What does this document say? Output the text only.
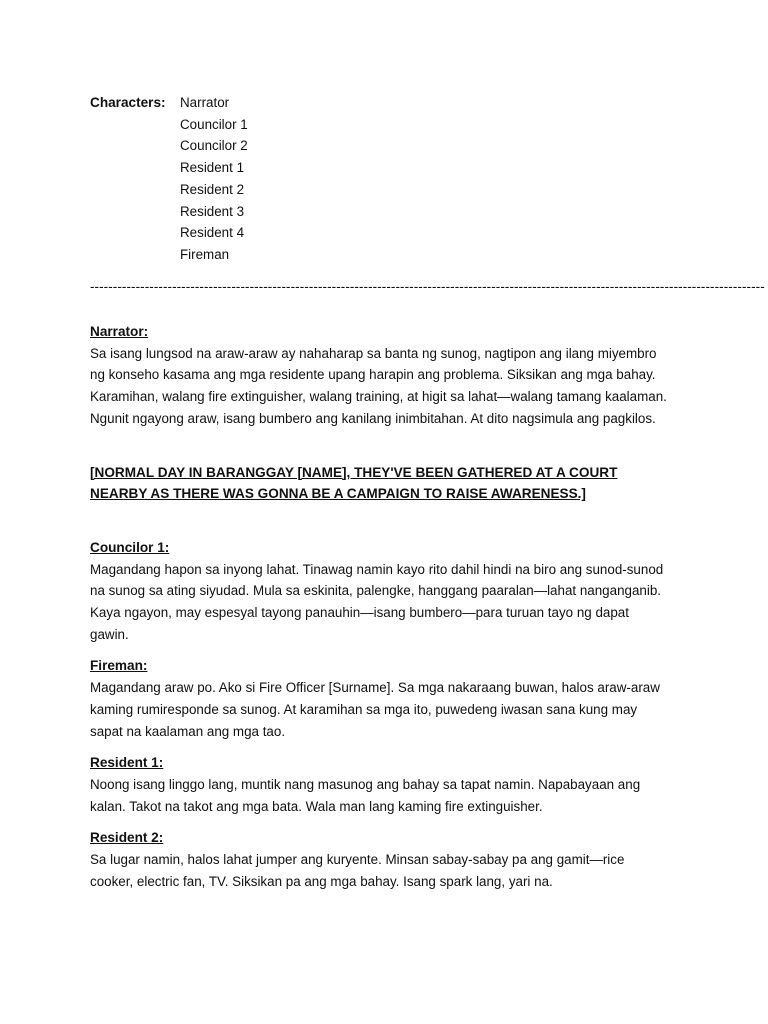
Characters: Narrator
Councilor 1
Councilor 2
Resident 1
Resident 2
Resident 3
Resident 4
Fireman
----------------------------------------------------------------------------------------------------------------------------------------------------

Narrator:

Sa isang lungsod na araw-araw ay nahaharap sa banta ng sunog, nagtipon ang ilang miyembro ng konseho kasama ang mga residente upang harapin ang problema. Siksikan ang mga bahay. Karamihan, walang fire extinguisher, walang training, at higit sa lahat—walang tamang kaalaman. Ngunit ngayong araw, isang bumbero ang kanilang inimbitahan. At dito nagsimula ang pagkilos.

[NORMAL DAY IN BARANGGAY [NAME], THEY'VE BEEN GATHERED AT A COURT NEARBY AS THERE WAS GONNA BE A CAMPAIGN TO RAISE AWARENESS.]

Councilor 1:

Magandang hapon sa inyong lahat. Tinawag namin kayo rito dahil hindi na biro ang sunod-sunod na sunog sa ating siyudad. Mula sa eskinita, palengke, hanggang paaralan—lahat nanganganib. Kaya ngayon, may espesyal tayong panauhin—isang bumbero—para turuan tayo ng dapat gawin.

Fireman:

Magandang araw po. Ako si Fire Officer [Surname]. Sa mga nakaraang buwan, halos araw-araw kaming rumiresponde sa sunog. At karamihan sa mga ito, puwedeng iwasan sana kung may sapat na kaalaman ang mga tao.

Resident 1:

Noong isang linggo lang, muntik nang masunog ang bahay sa tapat namin. Napabayaan ang kalan. Takot na takot ang mga bata. Wala man lang kaming fire extinguisher.

Resident 2:

Sa lugar namin, halos lahat jumper ang kuryente. Minsan sabay-sabay pa ang gamit—rice cooker, electric fan, TV. Siksikan pa ang mga bahay. Isang spark lang, yari na.
